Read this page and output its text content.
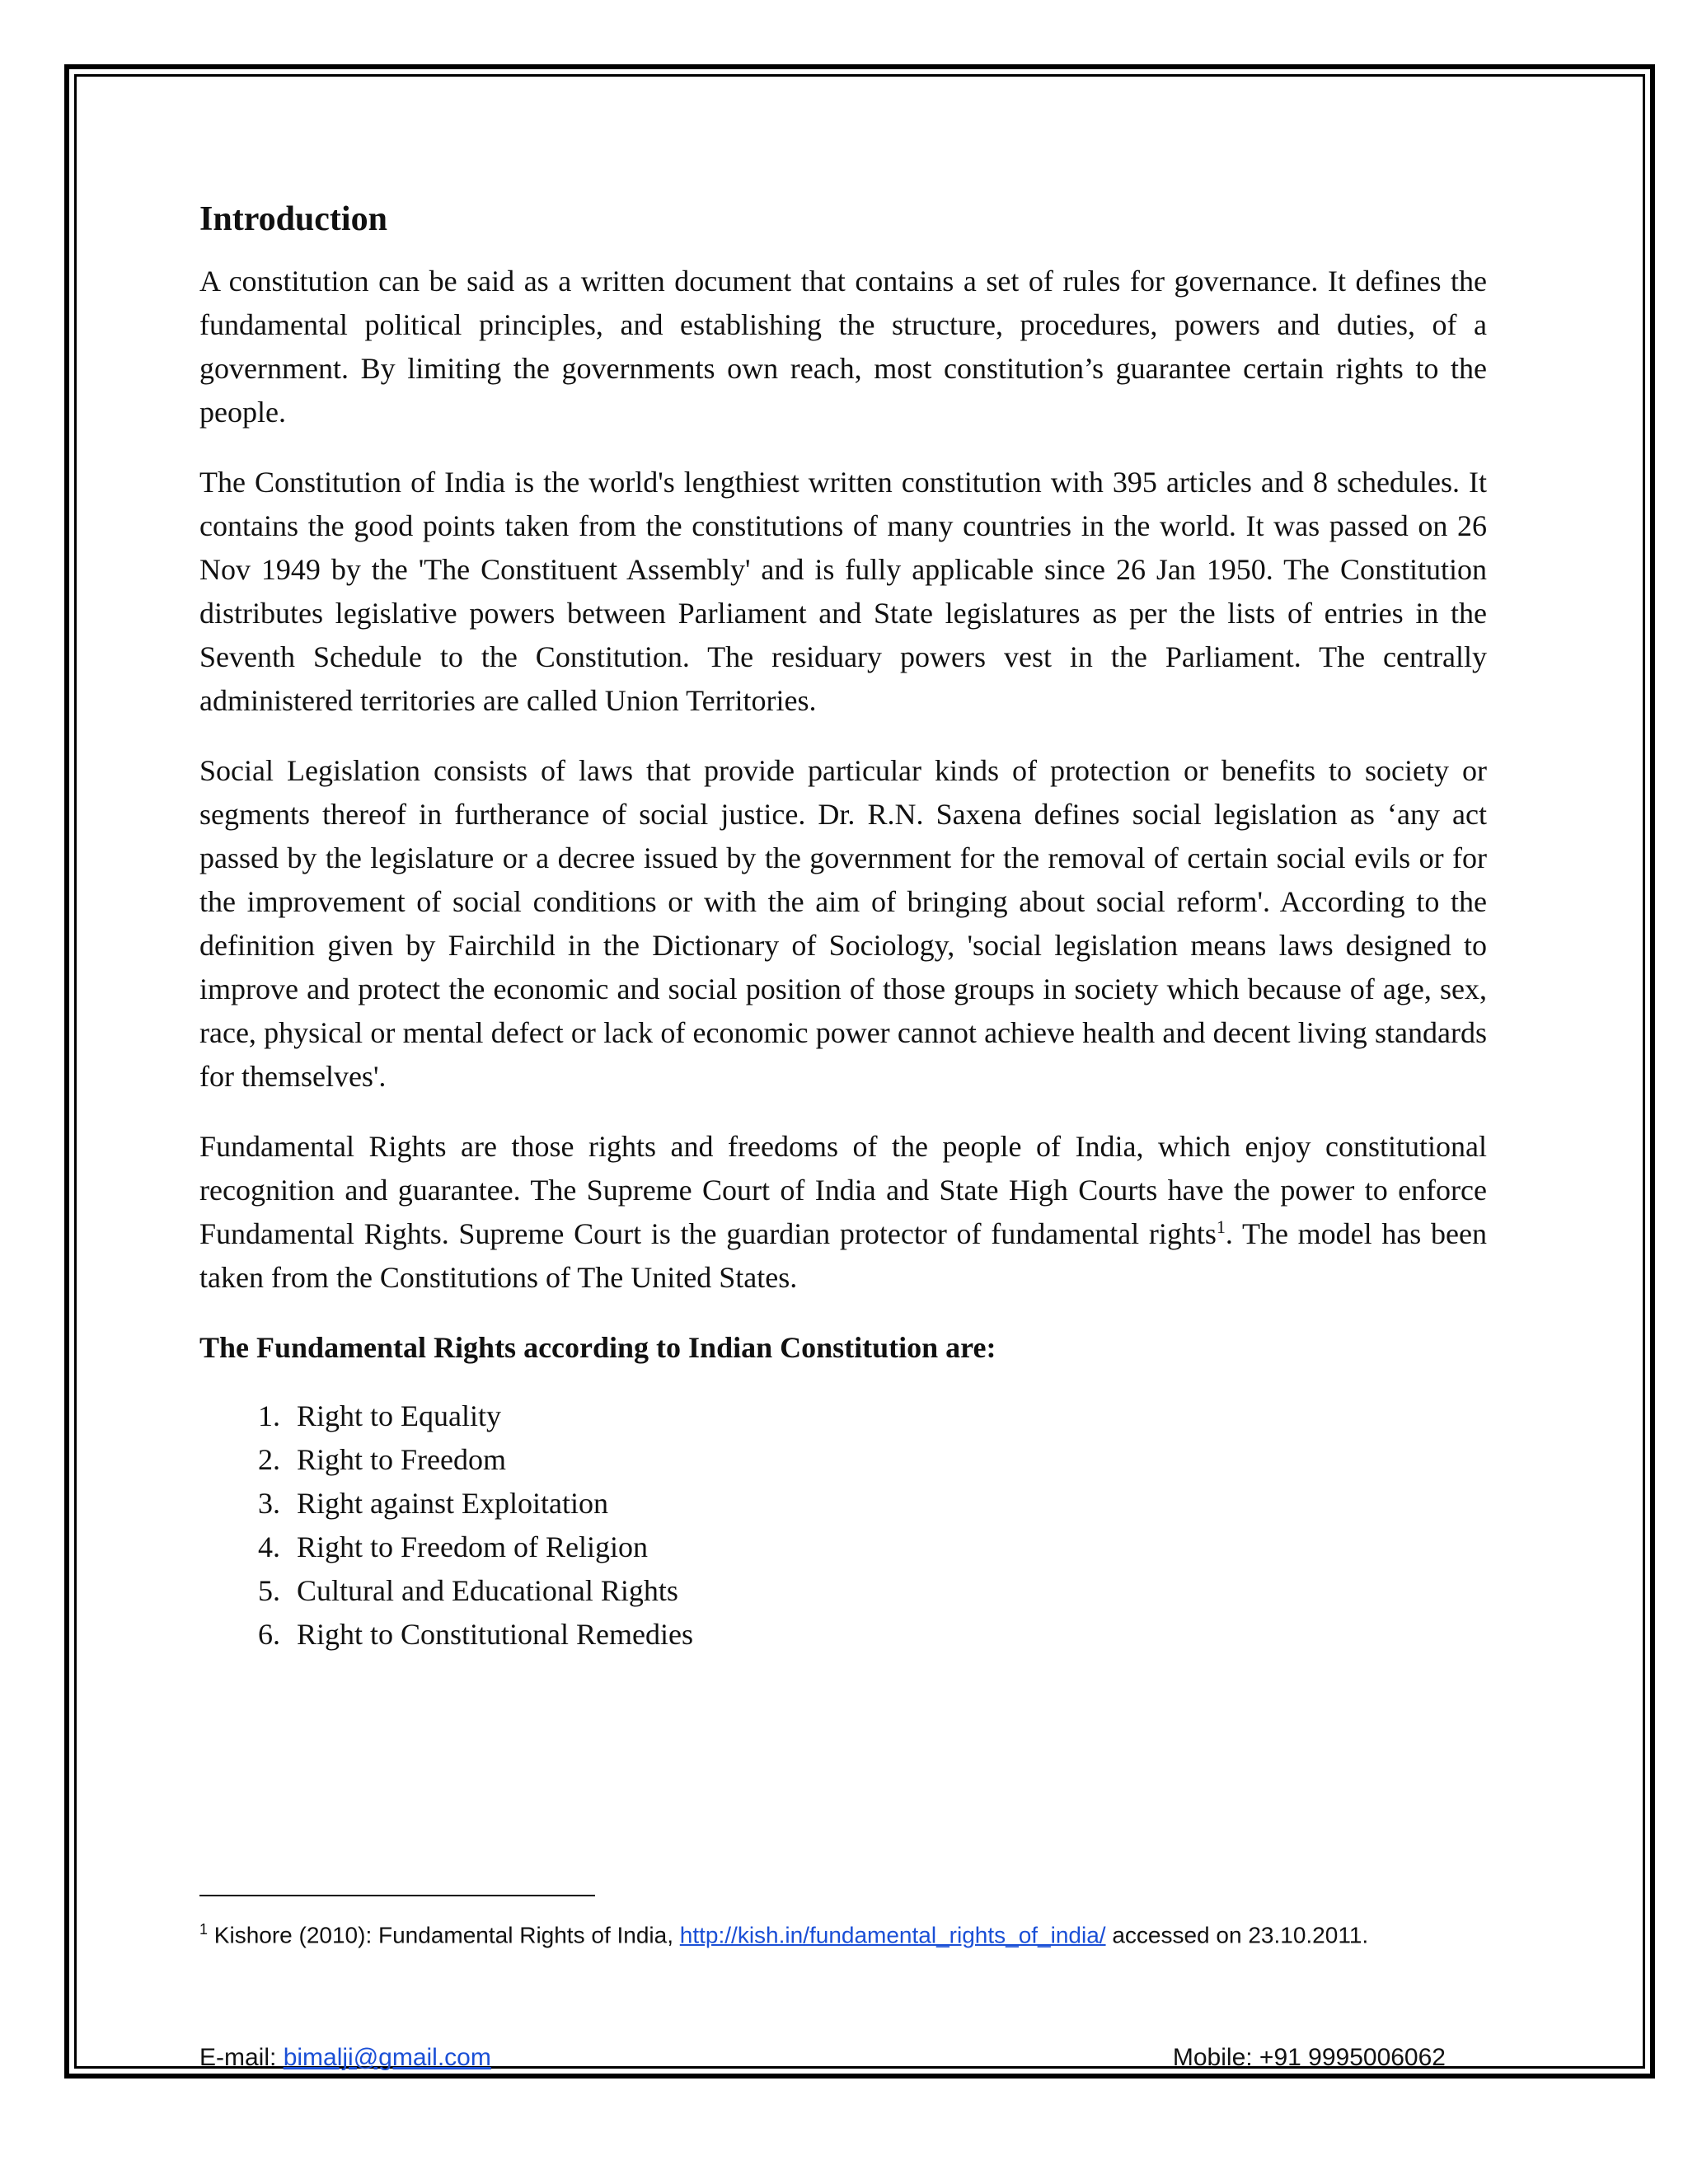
Introduction

A constitution can be said as a written document that contains a set of rules for governance. It defines the fundamental political principles, and establishing the structure, procedures, powers and duties, of a government. By limiting the governments own reach, most constitution’s guarantee certain rights to the people.

The Constitution of India is the world's lengthiest written constitution with 395 articles and 8 schedules. It contains the good points taken from the constitutions of many countries in the world. It was passed on 26 Nov 1949 by the 'The Constituent Assembly' and is fully applicable since 26 Jan 1950. The Constitution distributes legislative powers between Parliament and State legislatures as per the lists of entries in the Seventh Schedule to the Constitution. The residuary powers vest in the Parliament. The centrally administered territories are called Union Territories.

Social Legislation consists of laws that provide particular kinds of protection or benefits to society or segments thereof in furtherance of social justice. Dr. R.N. Saxena defines social legislation as ‘any act passed by the legislature or a decree issued by the government for the removal of certain social evils or for the improvement of social conditions or with the aim of bringing about social reform'. According to the definition given by Fairchild in the Dictionary of Sociology, 'social legislation means laws designed to improve and protect the economic and social position of those groups in society which because of age, sex, race, physical or mental defect or lack of economic power cannot achieve health and decent living standards for themselves'.

Fundamental Rights are those rights and freedoms of the people of India, which enjoy constitutional recognition and guarantee. The Supreme Court of India and State High Courts have the power to enforce Fundamental Rights. Supreme Court is the guardian protector of fundamental rights$^1$. The model has been taken from the Constitutions of The United States.

The Fundamental Rights according to Indian Constitution are:
1. Right to Equality
2. Right to Freedom
3. Right against Exploitation
4. Right to Freedom of Religion
5. Cultural and Educational Rights
6. Right to Constitutional Remedies
$^1$ Kishore (2010): Fundamental Rights of India, http://kish.in/fundamental_rights_of_india/ accessed on 23.10.2011.
E-mail: bimalji@gmail.com	Mobile: +91 9995006062
